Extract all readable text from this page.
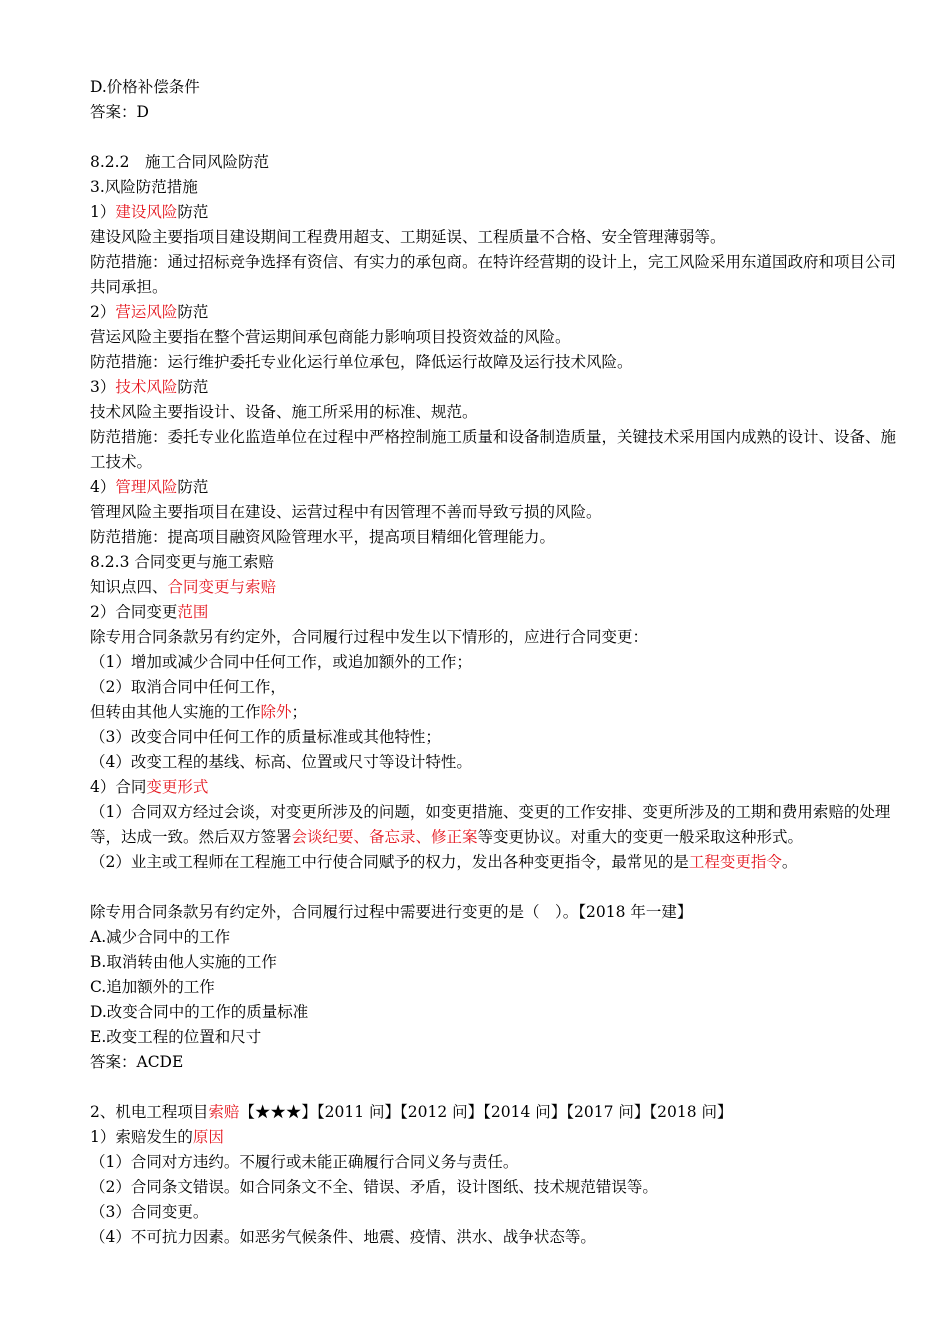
D.价格补偿条件
答案：D
8.2.2　施工合同风险防范
3.风险防范措施
1）建设风险防范
建设风险主要指项目建设期间工程费用超支、工期延误、工程质量不合格、安全管理薄弱等。
防范措施：通过招标竞争选择有资信、有实力的承包商。在特许经营期的设计上，完工风险采用东道国政府和项目公司共同承担。
2）营运风险防范
营运风险主要指在整个营运期间承包商能力影响项目投资效益的风险。
防范措施：运行维护委托专业化运行单位承包，降低运行故障及运行技术风险。
3）技术风险防范
技术风险主要指设计、设备、施工所采用的标准、规范。
防范措施：委托专业化监造单位在过程中严格控制施工质量和设备制造质量，关键技术采用国内成熟的设计、设备、施工技术。
4）管理风险防范
管理风险主要指项目在建设、运营过程中有因管理不善而导致亏损的风险。
防范措施：提高项目融资风险管理水平，提高项目精细化管理能力。
8.2.3 合同变更与施工索赔
知识点四、合同变更与索赔
2）合同变更范围
除专用合同条款另有约定外，合同履行过程中发生以下情形的，应进行合同变更：
（1）增加或减少合同中任何工作，或追加额外的工作；
（2）取消合同中任何工作，
但转由其他人实施的工作除外；
（3）改变合同中任何工作的质量标准或其他特性；
（4）改变工程的基线、标高、位置或尺寸等设计特性。
4）合同变更形式
（1）合同双方经过会谈，对变更所涉及的问题，如变更措施、变更的工作安排、变更所涉及的工期和费用索赔的处理等，达成一致。然后双方签署会谈纪要、备忘录、修正案等变更协议。对重大的变更一般采取这种形式。
（2）业主或工程师在工程施工中行使合同赋予的权力，发出各种变更指令，最常见的是工程变更指令。
除专用合同条款另有约定外，合同履行过程中需要进行变更的是（　）。【2018 年一建】
A.减少合同中的工作
B.取消转由他人实施的工作
C.追加额外的工作
D.改变合同中的工作的质量标准
E.改变工程的位置和尺寸
答案：ACDE
2、机电工程项目索赔【★★★】【2011 问】【2012 问】【2014 问】【2017 问】【2018 问】
1）索赔发生的原因
（1）合同对方违约。不履行或未能正确履行合同义务与责任。
（2）合同条文错误。如合同条文不全、错误、矛盾，设计图纸、技术规范错误等。
（3）合同变更。
（4）不可抗力因素。如恶劣气候条件、地震、疫情、洪水、战争状态等。
